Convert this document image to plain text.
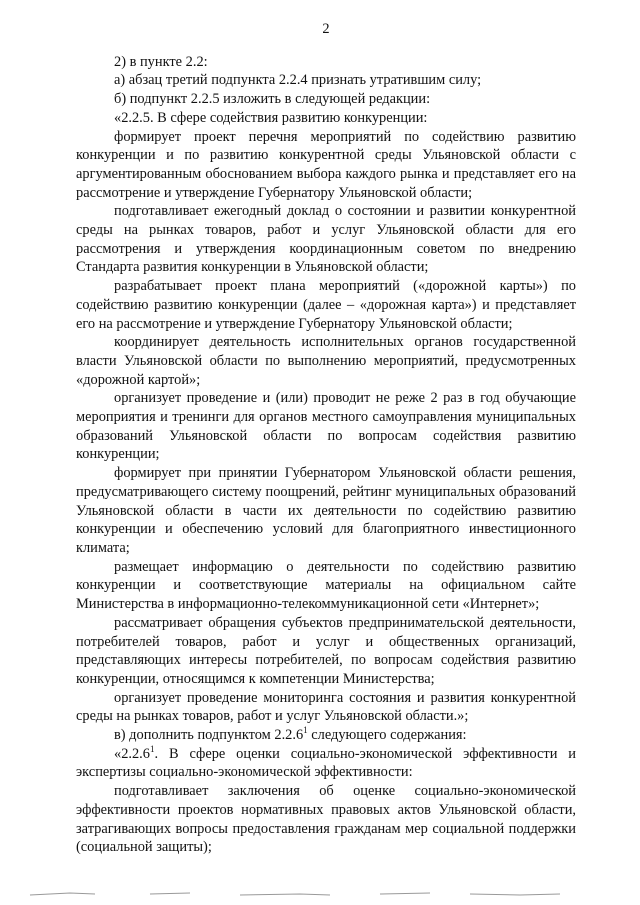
2

2) в пункте 2.2:

а) абзац третий подпункта 2.2.4 признать утратившим силу;

б) подпункт 2.2.5 изложить в следующей редакции:

«2.2.5. В сфере содействия развитию конкуренции:

формирует проект перечня мероприятий по содействию развитию конкуренции и по развитию конкурентной среды Ульяновской области с аргументированным обоснованием выбора каждого рынка и представляет его на рассмотрение и утверждение Губернатору Ульяновской области;

подготавливает ежегодный доклад о состоянии и развитии конкурентной среды на рынках товаров, работ и услуг Ульяновской области для его рассмотрения и утверждения координационным советом по внедрению Стандарта развития конкуренции в Ульяновской области;

разрабатывает проект плана мероприятий («дорожной карты») по содействию развитию конкуренции (далее – «дорожная карта») и представляет его на рассмотрение и утверждение Губернатору Ульяновской области;

координирует деятельность исполнительных органов государственной власти Ульяновской области по выполнению мероприятий, предусмотренных «дорожной картой»;

организует проведение и (или) проводит не реже 2 раз в год обучающие мероприятия и тренинги для органов местного самоуправления муниципальных образований Ульяновской области по вопросам содействия развитию конкуренции;

формирует при принятии Губернатором Ульяновской области решения, предусматривающего систему поощрений, рейтинг муниципальных образований Ульяновской области в части их деятельности по содействию развитию конкуренции и обеспечению условий для благоприятного инвестиционного климата;

размещает информацию о деятельности по содействию развитию конкуренции и соответствующие материалы на официальном сайте Министерства в информационно-телекоммуникационной сети «Интернет»;

рассматривает обращения субъектов предпринимательской деятельности, потребителей товаров, работ и услуг и общественных организаций, представляющих интересы потребителей, по вопросам содействия развитию конкуренции, относящимся к компетенции Министерства;

организует проведение мониторинга состояния и развития конкурентной среды на рынках товаров, работ и услуг Ульяновской области.»;

в) дополнить подпунктом 2.2.6$^1$ следующего содержания:

«2.2.6$^1$. В сфере оценки социально-экономической эффективности и экспертизы социально-экономической эффективности:

подготавливает заключения об оценке социально-экономической эффективности проектов нормативных правовых актов Ульяновской области, затрагивающих вопросы предоставления гражданам мер социальной поддержки (социальной защиты);
